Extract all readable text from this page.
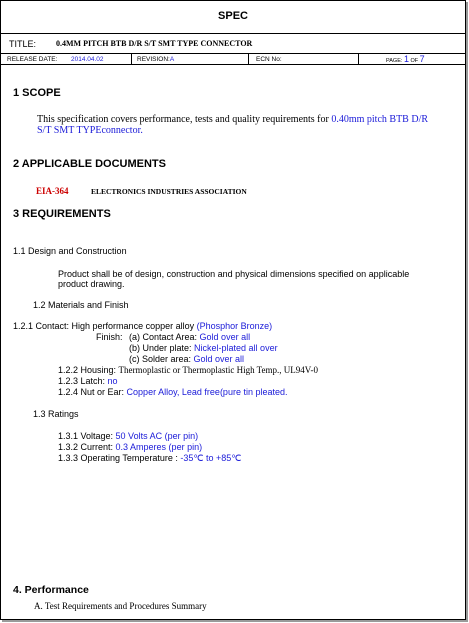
SPEC
TITLE: 0.4MM PITCH BTB D/R S/T SMT TYPE CONNECTOR
RELEASE DATE: 2014.04.02	REVISION:A	ECN No:	PAGE: 1 OF 7
1 SCOPE
This specification covers performance, tests and quality requirements for 0.40mm pitch BTB D/R
S/T SMT TYPEconnector.
2 APPLICABLE DOCUMENTS
EIA-364	ELECTRONICS INDUSTRIES ASSOCIATION
3 REQUIREMENTS
1.1 Design and Construction
Product shall be of design, construction and physical dimensions specified on applicable
product drawing.
1.2 Materials and Finish
1.2.1 Contact: High performance copper alloy (Phosphor Bronze)
Finish: (a) Contact Area: Gold over all
(b) Under plate: Nickel-plated all over
(c) Solder area: Gold over all
1.2.2 Housing: Thermoplastic or Thermoplastic High Temp., UL94V-0
1.2.3 Latch: no
1.2.4 Nut or Ear: Copper Alloy, Lead free(pure tin pleated.
1.3 Ratings
1.3.1 Voltage: 50 Volts AC (per pin)
1.3.2 Current: 0.3 Amperes (per pin)
1.3.3 Operating Temperature : -35℃ to +85℃
4. Performance
A. Test Requirements and Procedures Summary
